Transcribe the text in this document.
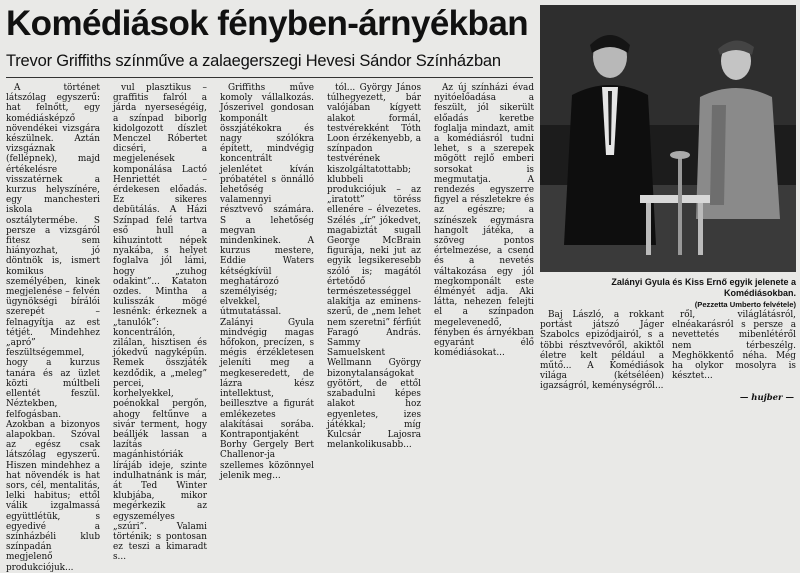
Komédiások fényben-árnyékban
Trevor Griffiths színműve a zalaegerszegi Hevesi Sándor Színházban

A történet látszólag egyszerű: hat felnőtt, egy komédiásképző növendékei vizsgára készülnek. Aztán vizsgáznak (fellépnek), majd értékelésre visszatérnek a kurzus helyszínére, egy manchesteri iskola osztálytermébe. S persze a vizsgáról fitesz sem hiányozhat, jó döntnök is, ismert komikus személyében, kinek megjelenése – felvén ügynökségi bírálói szerepét – felnagyítja az est tétjét. Mindehhez „apró” feszültségemmel, hogy a kurzus tanára és az üzlet közti múltbeli ellentét feszül. Néztekben, felfogásban. Azokban a bizonyos alapokban. Szóval az egész csak látszólag egyszerű. Hiszen mindehhez a hat növendék is hat sors, cél, mentalitás, lelki habitus; ettől válik izgalmassá együttlétük, s egyedivé a színházbéli klub színpadán megjelenő produkciójuk...

vul plasztikus – graffitis falról a járda nyerseségéig, a színpad biborlg kidolgozott díszlet Menczel Róbertet dicséri, a megjelenések komponálása Lactó Henriettét – érdekesen előadás. Ez sikeres debütálás. A Házi Színpad felé tartva eső hull a kihuzintott népek nyakába, s helyet foglalva jól lámi, hogy „zuhog odakint”... Kataton ozdes. Mintha a kulisszák mögé lesnénk: érkeznek a „tanulók”: koncentrálón, zilálan, hisztisen és jókedvű nagyképűn. Remek összjáték kezdődik, a „meleg” percei, korhelyekkel, poénokkal pergőn, ahogy feltűnve a sivár terment, hogy beálljék lassan a lazítás magánhistóriák lírájáb ideje, szinte indulhatnánk is már, át Ted Winter klubjába, mikor megérkezik az egyszemélyes „szúri”. Valami történik; s pontosan ez teszi a kimaradt s...

Griffiths műve komoly vállalkozás. Jószerivel gondosan komponált összjátékokra és nagy szólókra épített, mindvégig koncentrált jelenlétet kíván próbatétel s önnálló lehetőség valamennyi résztvevő számára. S a lehetőség megvan mindenkinek. A kurzus mestere, Eddie Waters kétségkívül meghatározó személyiség; elvekkel, útmutatással. Zalányi Gyula mindvégig magas hőfokon, precízen, s mégis érzékletesen jeleníti meg a megkeseredett, de lázra kész intellektust, beillesztve a figurát emlékezetes alakításai sorába. Kontrapontjaként Borhy Gergely Bert Challenor-ja szellemes közönnyel jelenik meg...

tól... György János túlhegyezett, bár valójában kígyett alakot formál, testvérekként Tóth Loon érzékenyebb, a színpadon testvérének kiszolgáltatottabb; klubbeli produkciójuk – az „iratott” töréss ellenére – élvezetes. Szélés „ír” jókedvet, magabiztát sugall George McBrain figurája, neki jut az egyik legsikeresebb szóló is; magától értetődő természetességgel alakítja az eminens-szerű, de „nem lehet nem szeretni” férfiút Faragó András. Sammy Samuelskent Wellmann György bizonytalanságokat gyötört, de ettől szabadulni képes alakot hoz egyenletes, izes játékkal; míg Kulcsár Lajosra melankolikusabb...

Az új színházi évad nyitóelőadása a feszült, jól sikerült előadás keretbe foglalja mindazt, amit a komédiásról tudni lehet, s a szerepek mögött rejlő emberi sorsokat is megmutatja. A rendezés egyszerre figyel a részletekre és az egészre; a színészek egymásra hangolt játéka, a szöveg pontos értelmezése, a csend és a nevetés váltakozása egy jól megkomponált este élményét adja. Aki látta, nehezen felejti el a színpadon megelevenedő, fényben és árnyékban egyaránt élő komédiásokat...

Zalányi Gyula és Kiss Ernő egyik jelenete a Komédiásokban.
(Pezzetta Umberto felvétele)

Baj László, a rokkant portást játszó Jáger Szabolcs epizódjairól, s a többi résztvevőről, akiktől életre kelt például a műtő... A Komédiások világa (kétséléen) igazságról, keménységről...

ről, világlátásról, elnéakarásról s persze a nevettetés mibenlétéről nem térbeszélg. Meghökkentő néha. Még ha olykor mosolyra is késztet...

— hujber —
